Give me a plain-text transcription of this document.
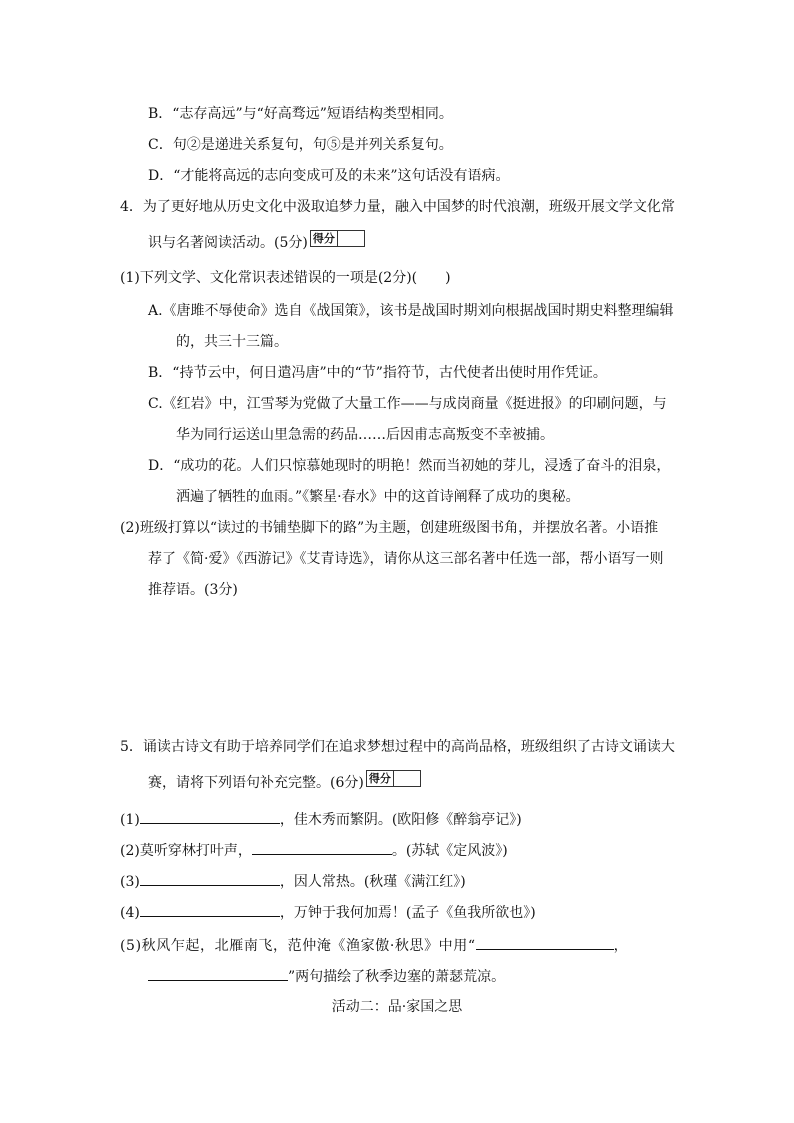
B．“志存高远”与“好高骛远”短语结构类型相同。
C．句②是递进关系复句，句⑤是并列关系复句。
D．“才能将高远的志向变成可及的未来”这句话没有语病。
4．为了更好地从历史文化中汲取追梦力量，融入中国梦的时代浪潮，班级开展文学文化常
识与名著阅读活动。(5分) 得分
(1)下列文学、文化常识表述错误的一项是(2分)(　　)
A.《唐雎不辱使命》选自《战国策》，该书是战国时期刘向根据战国时期史料整理编辑
的，共三十三篇。
B．“持节云中，何日遣冯唐”中的“节”指符节，古代使者出使时用作凭证。
C.《红岩》中，江雪琴为党做了大量工作——与成岗商量《挺进报》的印刷问题，与
华为同行运送山里急需的药品……后因甫志高叛变不幸被捕。
D．“成功的花。人们只惊慕她现时的明艳！然而当初她的芽儿，浸透了奋斗的泪泉，
洒遍了牺牲的血雨。”《繁星·春水》中的这首诗阐释了成功的奥秘。
(2)班级打算以“读过的书铺垫脚下的路”为主题，创建班级图书角，并摆放名著。小语推
荐了《简·爱》《西游记》《艾青诗选》，请你从这三部名著中任选一部，帮小语写一则
推荐语。(3分)
5．诵读古诗文有助于培养同学们在追求梦想过程中的高尚品格，班级组织了古诗文诵读大
赛，请将下列语句补充完整。(6分) 得分
(1)	，佳木秀而繁阴。(欧阳修《醉翁亭记》)
(2)莫听穿林打叶声，	。(苏轼《定风波》)
(3)	，因人常热。(秋瑾《满江红》)
(4)	，万钟于我何加焉！(孟子《鱼我所欲也》)
(5)秋风乍起，北雁南飞，范仲淹《渔家傲·秋思》中用“	，
”两句描绘了秋季边塞的萧瑟荒凉。
活动二：品·家国之思
